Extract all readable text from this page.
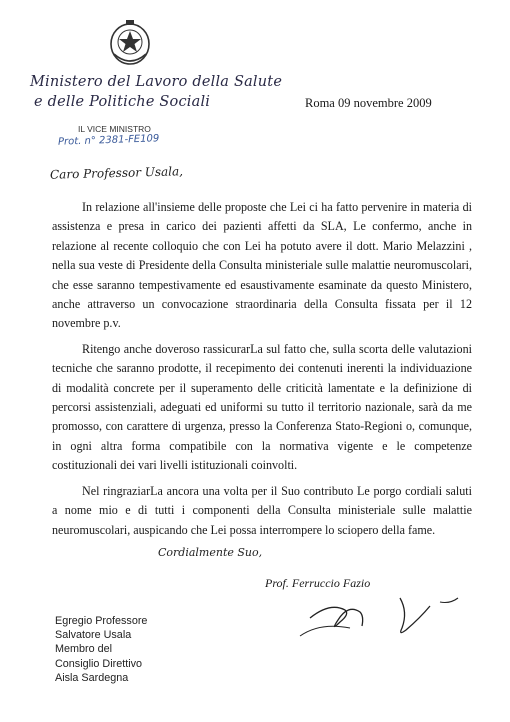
Ministero del Lavoro della Salute
e delle Politiche Sociali
IL VICE MINISTRO
Prot. n° 2381-FE109
Roma 09 novembre 2009
Caro Professor Usala,

In relazione all'insieme delle proposte che Lei ci ha fatto pervenire in materia di assistenza e presa in carico dei pazienti affetti da SLA, Le confermo, anche in relazione al recente colloquio che con Lei ha potuto avere il dott. Mario Melazzini , nella sua veste di Presidente della Consulta ministeriale sulle malattie neuromuscolari, che esse saranno tempestivamente ed esaustivamente esaminate da questo Ministero, anche attraverso un convocazione straordinaria della Consulta fissata per il 12 novembre p.v.

Ritengo anche doveroso rassicurarLa sul fatto che, sulla scorta delle valutazioni tecniche che saranno prodotte, il recepimento dei contenuti inerenti la individuazione di modalità concrete per il superamento delle criticità lamentate e la definizione di percorsi assistenziali, adeguati ed uniformi su tutto il territorio nazionale, sarà da me promosso, con carattere di urgenza, presso la Conferenza Stato-Regioni o, comunque, in ogni altra forma compatibile con la normativa vigente e le competenze costituzionali dei vari livelli istituzionali coinvolti.

Nel ringraziarLa ancora una volta per il Suo contributo Le porgo cordiali saluti a nome mio e di tutti i componenti della Consulta ministeriale sulle malattie neuromuscolari, auspicando che Lei possa interrompere lo sciopero della fame.

Cordialmente Suo,
Prof. Ferruccio Fazio
Egregio Professore
Salvatore Usala
Membro del
Consiglio Direttivo
Aisla Sardegna
